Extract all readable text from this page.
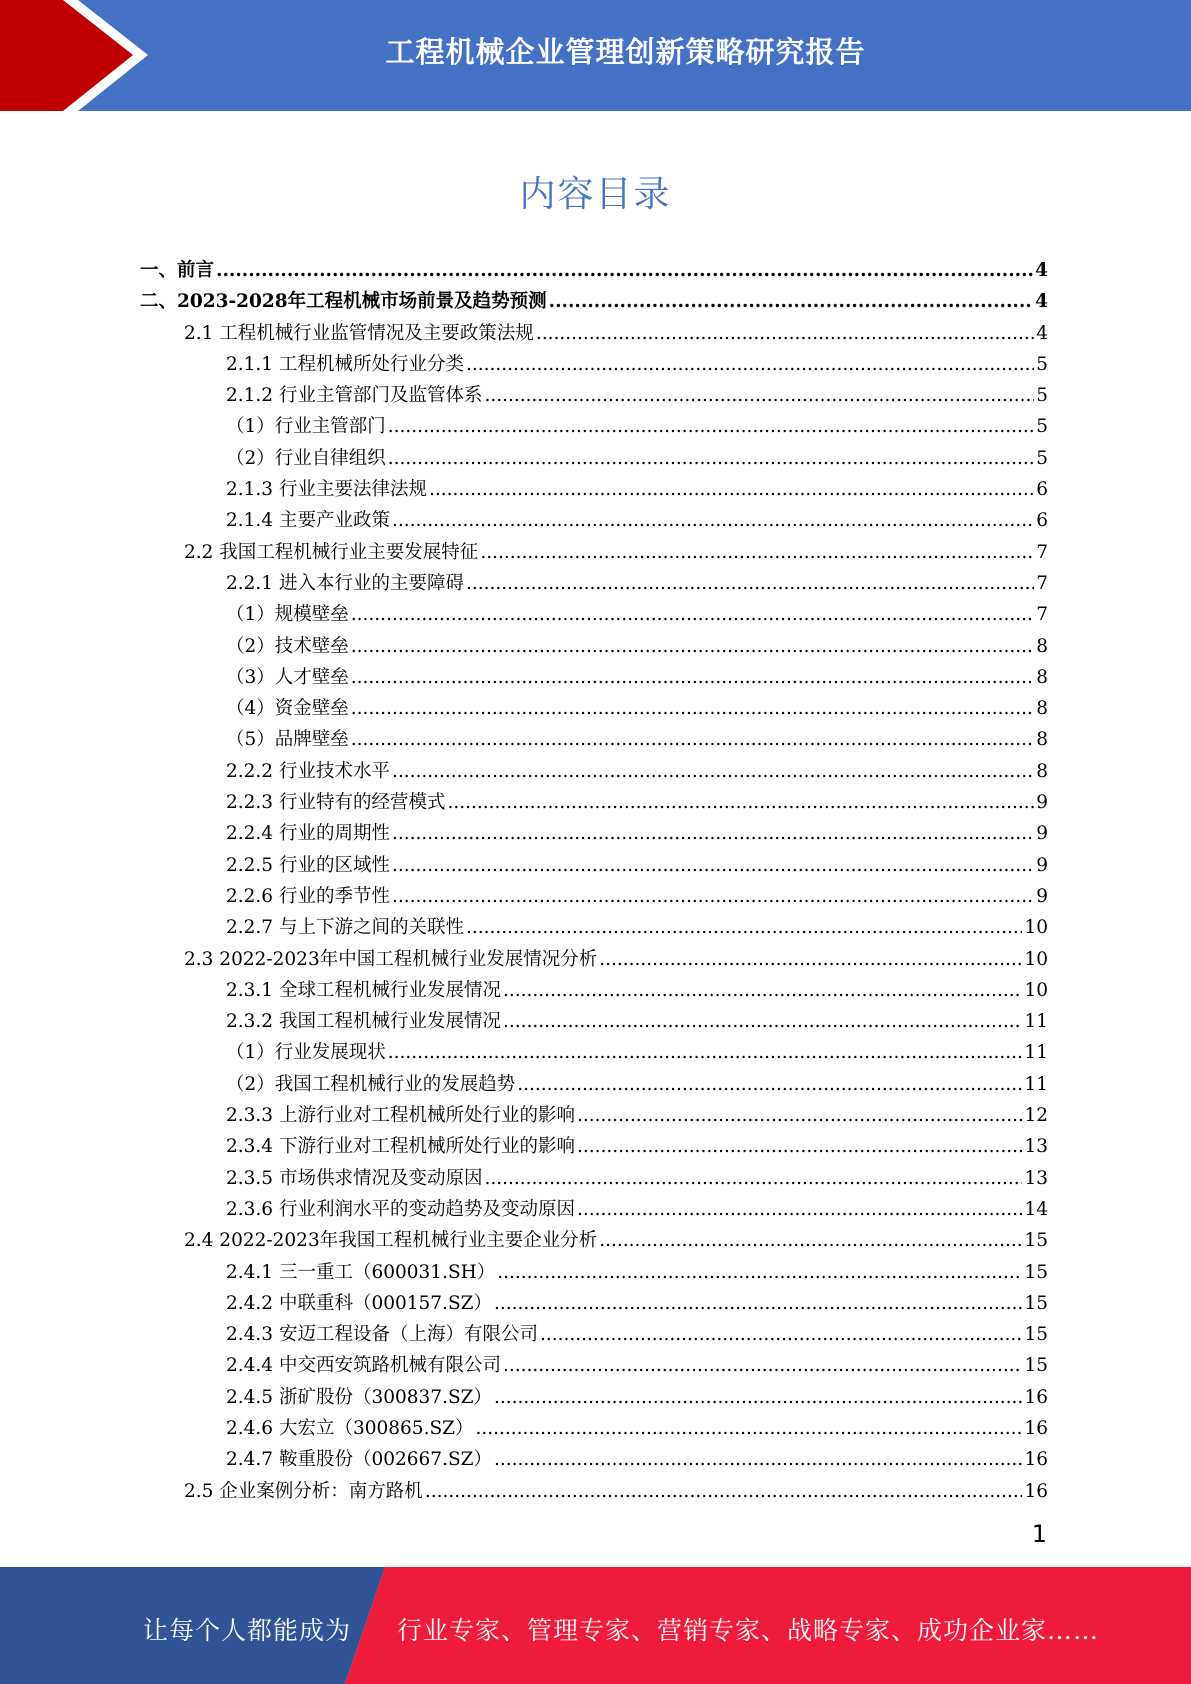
工程机械企业管理创新策略研究报告
内容目录
一、前言 .....	4
二、2023-2028年工程机械市场前景及趋势预测 .....	4
2.1 工程机械行业监管情况及主要政策法规 .....	4
2.1.1 工程机械所处行业分类 .....	5
2.1.2 行业主管部门及监管体系 .....	5
（1）行业主管部门 .....	5
（2）行业自律组织 .....	5
2.1.3 行业主要法律法规 .....	6
2.1.4 主要产业政策 .....	6
2.2 我国工程机械行业主要发展特征 .....	7
2.2.1 进入本行业的主要障碍 .....	7
（1）规模壁垒 .....	7
（2）技术壁垒 .....	8
（3）人才壁垒 .....	8
（4）资金壁垒 .....	8
（5）品牌壁垒 .....	8
2.2.2 行业技术水平 .....	8
2.2.3 行业特有的经营模式 .....	9
2.2.4 行业的周期性 .....	9
2.2.5 行业的区域性 .....	9
2.2.6 行业的季节性 .....	9
2.2.7 与上下游之间的关联性 .....	10
2.3 2022-2023年中国工程机械行业发展情况分析 .....	10
2.3.1 全球工程机械行业发展情况 .....	10
2.3.2 我国工程机械行业发展情况 .....	11
（1）行业发展现状 .....	11
（2）我国工程机械行业的发展趋势 .....	11
2.3.3 上游行业对工程机械所处行业的影响 .....	12
2.3.4 下游行业对工程机械所处行业的影响 .....	13
2.3.5 市场供求情况及变动原因 .....	13
2.3.6 行业利润水平的变动趋势及变动原因 .....	14
2.4 2022-2023年我国工程机械行业主要企业分析 .....	15
2.4.1 三一重工（600031.SH） .....	15
2.4.2 中联重科（000157.SZ） .....	15
2.4.3 安迈工程设备（上海）有限公司 .....	15
2.4.4 中交西安筑路机械有限公司 .....	15
2.4.5 浙矿股份（300837.SZ） .....	16
2.4.6 大宏立（300865.SZ） .....	16
2.4.7 鞍重股份（002667.SZ） .....	16
2.5 企业案例分析：南方路机 .....	16
1
让每个人都能成为 行业专家、管理专家、营销专家、战略专家、成功企业家……
